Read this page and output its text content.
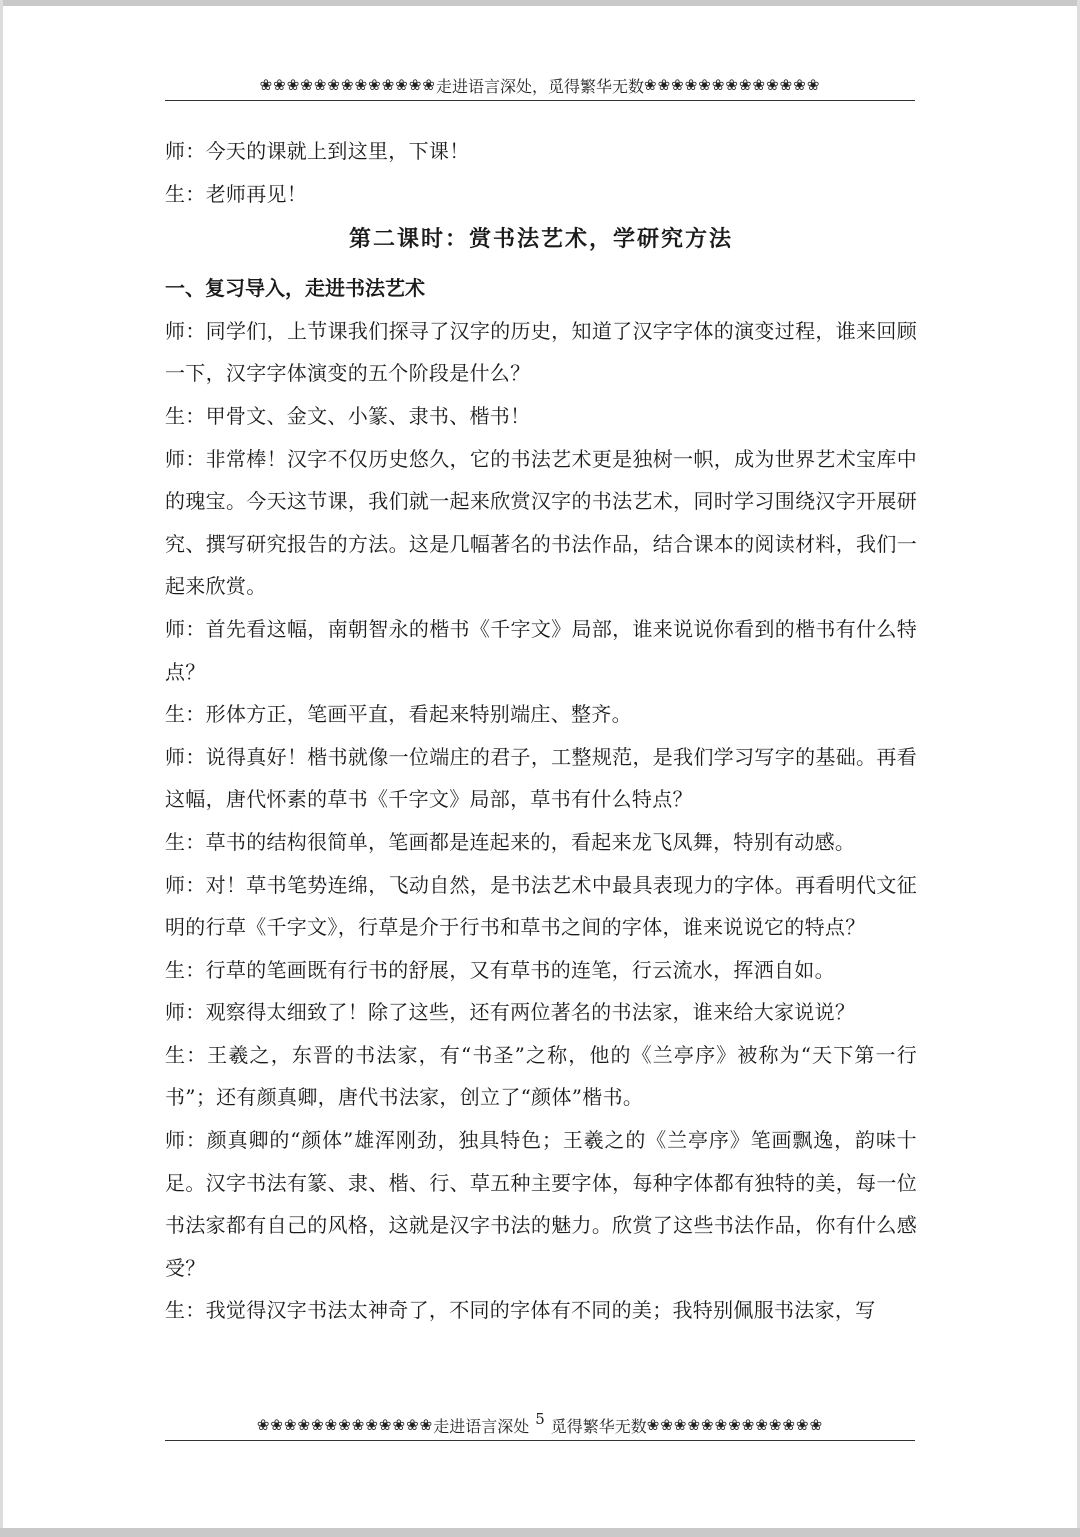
❀❀❀❀❀❀❀❀❀❀❀❀❀ 走进语言深处，觅得繁华无数 ❀❀❀❀❀❀❀❀❀❀❀❀❀

师：今天的课就上到这里，下课！

生：老师再见！

第二课时：赏书法艺术，学研究方法

一、复习导入，走进书法艺术

师：同学们，上节课我们探寻了汉字的历史，知道了汉字字体的演变过程，谁来回顾一下，汉字字体演变的五个阶段是什么？

生：甲骨文、金文、小篆、隶书、楷书！

师：非常棒！汉字不仅历史悠久，它的书法艺术更是独树一帜，成为世界艺术宝库中的瑰宝。今天这节课，我们就一起来欣赏汉字的书法艺术，同时学习围绕汉字开展研究、撰写研究报告的方法。这是几幅著名的书法作品，结合课本的阅读材料，我们一起来欣赏。

师：首先看这幅，南朝智永的楷书《千字文》局部，谁来说说你看到的楷书有什么特点？

生：形体方正，笔画平直，看起来特别端庄、整齐。

师：说得真好！楷书就像一位端庄的君子，工整规范，是我们学习写字的基础。再看这幅，唐代怀素的草书《千字文》局部，草书有什么特点？

生：草书的结构很简单，笔画都是连起来的，看起来龙飞凤舞，特别有动感。

师：对！草书笔势连绵，飞动自然，是书法艺术中最具表现力的字体。再看明代文征明的行草《千字文》，行草是介于行书和草书之间的字体，谁来说说它的特点？

生：行草的笔画既有行书的舒展，又有草书的连笔，行云流水，挥洒自如。

师：观察得太细致了！除了这些，还有两位著名的书法家，谁来给大家说说？

生：王羲之，东晋的书法家，有“书圣”之称，他的《兰亭序》被称为“天下第一行书”；还有颜真卿，唐代书法家，创立了“颜体”楷书。

师：颜真卿的“颜体”雄浑刚劲，独具特色；王羲之的《兰亭序》笔画飘逸，韵味十足。汉字书法有篆、隶、楷、行、草五种主要字体，每种字体都有独特的美，每一位书法家都有自己的风格，这就是汉字书法的魅力。欣赏了这些书法作品，你有什么感受？

生：我觉得汉字书法太神奇了，不同的字体有不同的美；我特别佩服书法家，写

❀❀❀❀❀❀❀❀❀❀❀❀❀ 走进语言深处 5 觅得繁华无数 ❀❀❀❀❀❀❀❀❀❀❀❀❀
